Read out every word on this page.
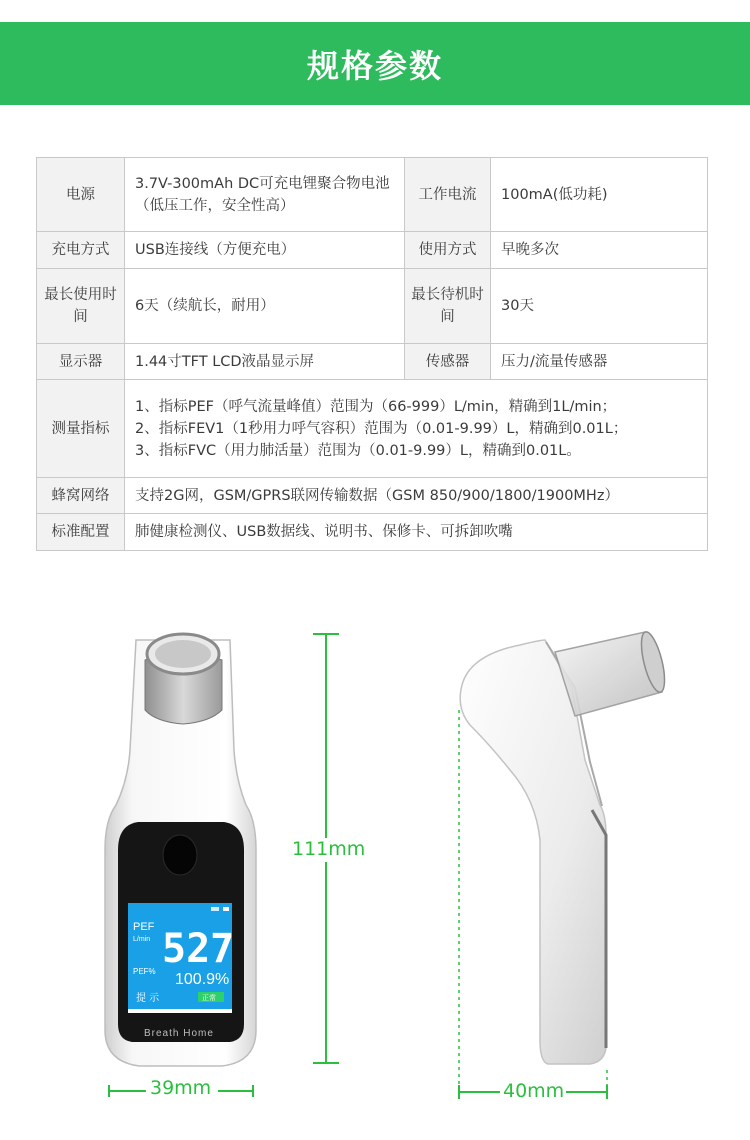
规格参数
电源	3.7V-300mAh DC可充电锂聚合物电池（低压工作，安全性高）	工作电流	100mA(低功耗)
充电方式	USB连接线（方便充电）	使用方式	早晚多次
最长使用时间	6天（续航长，耐用）	最长待机时间	30天
显示器	1.44寸TFT LCD液晶显示屏	传感器	压力/流量传感器
测量指标	1、指标PEF（呼气流量峰值）范围为（66-999）L/min，精确到1L/min；
2、指标FEV1（1秒用力呼气容积）范围为（0.01-9.99）L，精确到0.01L；
3、指标FVC（用力肺活量）范围为（0.01-9.99）L，精确到0.01L。		

蜂窝网络	支持2G网，GSM/GPRS联网传输数据（GSM 850/900/1800/1900MHz）		
标准配置	肺健康检测仪、USB数据线、说明书、保修卡、可拆卸吹嘴		
PEF
L/min 527
PEF% 100.9%
提 示	正常
Breath Home
111mm
39mm	40mm
